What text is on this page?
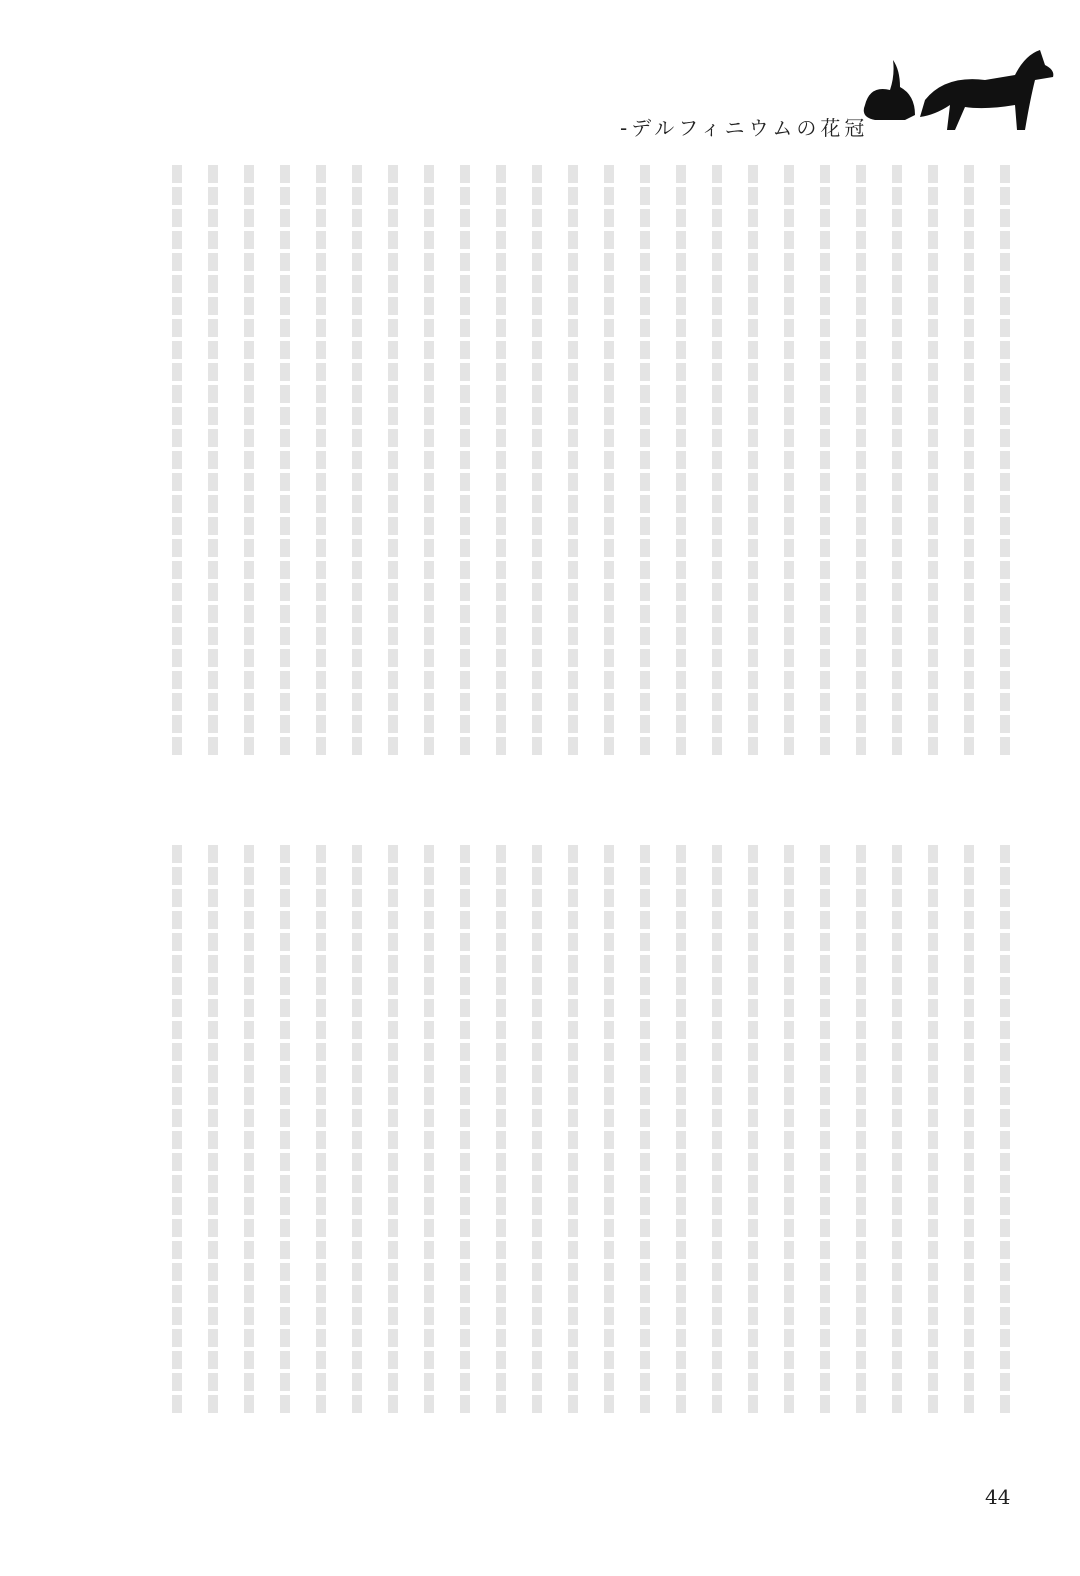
-デルフィニウムの花冠
44
